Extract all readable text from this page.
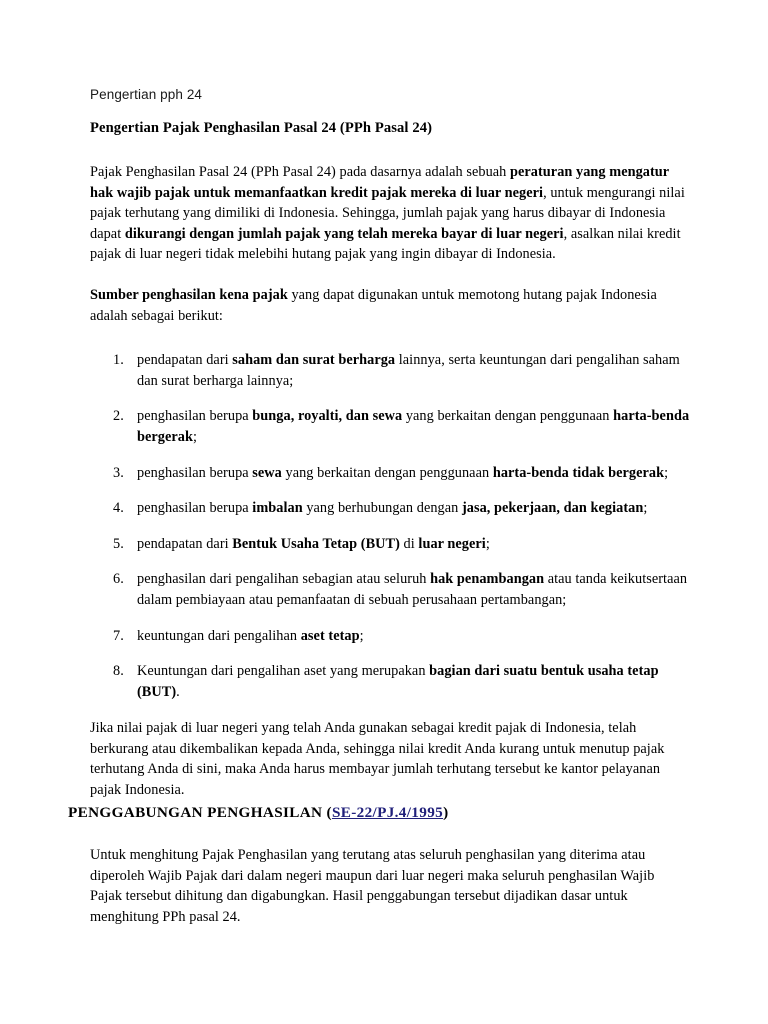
Pengertian pph 24
Pengertian Pajak Penghasilan Pasal 24 (PPh Pasal 24)

Pajak Penghasilan Pasal 24 (PPh Pasal 24) pada dasarnya adalah sebuah peraturan yang mengatur hak wajib pajak untuk memanfaatkan kredit pajak mereka di luar negeri, untuk mengurangi nilai pajak terhutang yang dimiliki di Indonesia. Sehingga, jumlah pajak yang harus dibayar di Indonesia dapat dikurangi dengan jumlah pajak yang telah mereka bayar di luar negeri, asalkan nilai kredit pajak di luar negeri tidak melebihi hutang pajak yang ingin dibayar di Indonesia.

Sumber penghasilan kena pajak yang dapat digunakan untuk memotong hutang pajak Indonesia adalah sebagai berikut:

1. pendapatan dari saham dan surat berharga lainnya, serta keuntungan dari pengalihan saham dan surat berharga lainnya;
2. penghasilan berupa bunga, royalti, dan sewa yang berkaitan dengan penggunaan harta-benda bergerak;
3. penghasilan berupa sewa yang berkaitan dengan penggunaan harta-benda tidak bergerak;
4. penghasilan berupa imbalan yang berhubungan dengan jasa, pekerjaan, dan kegiatan;
5. pendapatan dari Bentuk Usaha Tetap (BUT) di luar negeri;
6. penghasilan dari pengalihan sebagian atau seluruh hak penambangan atau tanda keikutsertaan dalam pembiayaan atau pemanfaatan di sebuah perusahaan pertambangan;
7. keuntungan dari pengalihan aset tetap;
8. Keuntungan dari pengalihan aset yang merupakan bagian dari suatu bentuk usaha tetap (BUT).

Jika nilai pajak di luar negeri yang telah Anda gunakan sebagai kredit pajak di Indonesia, telah berkurang atau dikembalikan kepada Anda, sehingga nilai kredit Anda kurang untuk menutup pajak terhutang Anda di sini, maka Anda harus membayar jumlah terhutang tersebut ke kantor pelayanan pajak Indonesia.

PENGGABUNGAN PENGHASILAN (SE-22/PJ.4/1995)

Untuk menghitung Pajak Penghasilan yang terutang atas seluruh penghasilan yang diterima atau diperoleh Wajib Pajak dari dalam negeri maupun dari luar negeri maka seluruh penghasilan Wajib Pajak tersebut dihitung dan digabungkan. Hasil penggabungan tersebut dijadikan dasar untuk menghitung PPh pasal 24.
